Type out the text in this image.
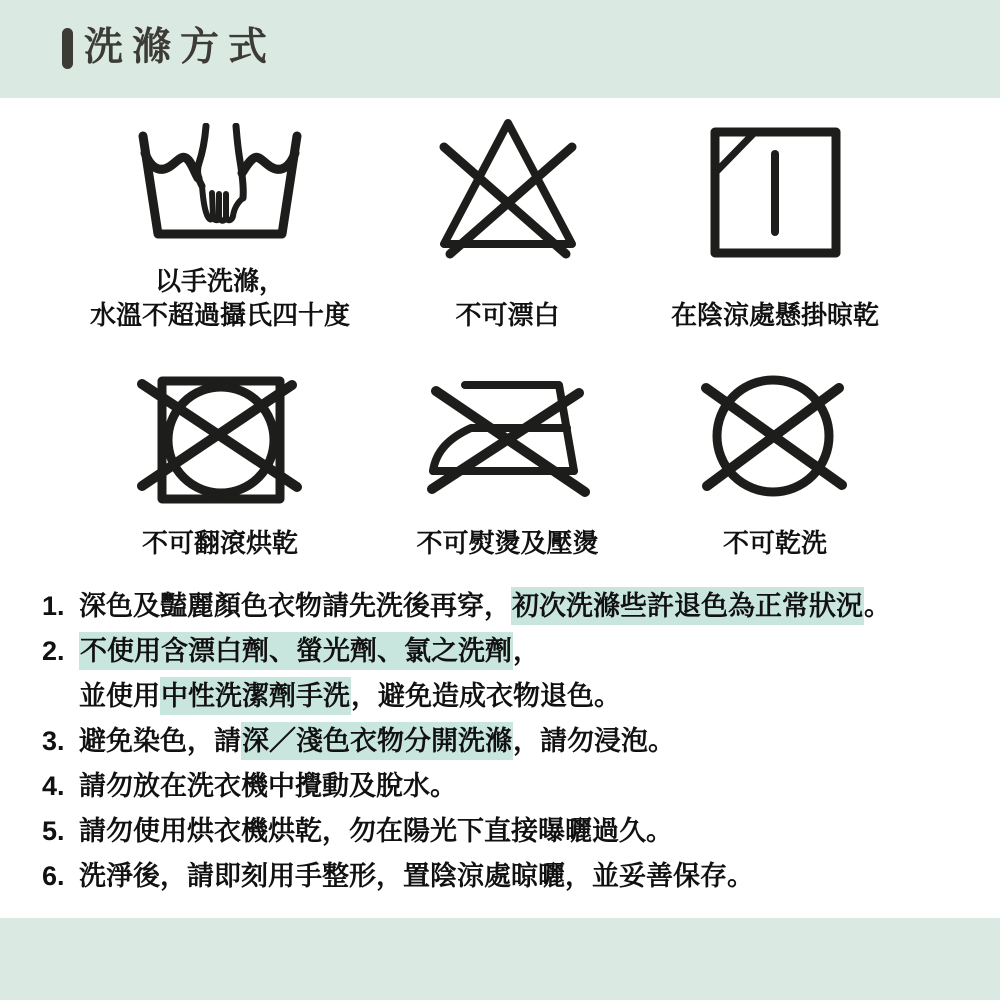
洗滌方式
以手洗滌，
水溫不超過攝氏四十度	不可漂白	在陰涼處懸掛晾乾
不可翻滾烘乾	不可熨燙及壓燙	不可乾洗
1. 深色及豔麗顏色衣物請先洗後再穿，初次洗滌些許退色為正常狀況。
2. 不使用含漂白劑、螢光劑、氯之洗劑，
並使用中性洗潔劑手洗，避免造成衣物退色。
3. 避免染色，請深／淺色衣物分開洗滌，請勿浸泡。
4. 請勿放在洗衣機中攪動及脫水。
5. 請勿使用烘衣機烘乾，勿在陽光下直接曝曬過久。
6. 洗淨後，請即刻用手整形，置陰涼處晾曬，並妥善保存。
